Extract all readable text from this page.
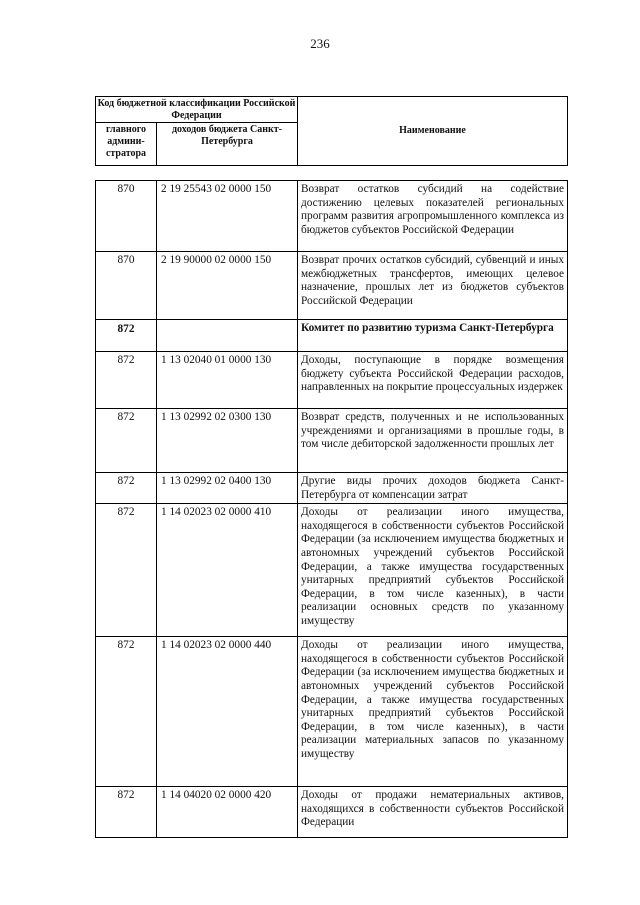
236
Код бюджетной классификации Российской Федерации		Наименование
главного админи-стратора	доходов бюджета Санкт-Петербурга	
870	2 19 25543 02 0000 150	Возврат остатков субсидий на содействие достижению целевых показателей региональных программ развития агропромышленного комплекса из бюджетов субъектов Российской Федерации
870	2 19 90000 02 0000 150	Возврат прочих остатков субсидий, субвенций и иных межбюджетных трансфертов, имеющих целевое назначение, прошлых лет из бюджетов субъектов Российской Федерации
872		Комитет по развитию туризма Санкт-Петербурга
872	1 13 02040 01 0000 130	Доходы, поступающие в порядке возмещения бюджету субъекта Российской Федерации расходов, направленных на покрытие процессуальных издержек
872	1 13 02992 02 0300 130	Возврат средств, полученных и не использованных учреждениями и организациями в прошлые годы, в том числе дебиторской задолженности прошлых лет
872	1 13 02992 02 0400 130	Другие виды прочих доходов бюджета Санкт-Петербурга от компенсации затрат
872	1 14 02023 02 0000 410	Доходы от реализации иного имущества, находящегося в собственности субъектов Российской Федерации (за исключением имущества бюджетных и автономных учреждений субъектов Российской Федерации, а также имущества государственных унитарных предприятий субъектов Российской Федерации, в том числе казенных), в части реализации основных средств по указанному имуществу
872	1 14 02023 02 0000 440	Доходы от реализации иного имущества, находящегося в собственности субъектов Российской Федерации (за исключением имущества бюджетных и автономных учреждений субъектов Российской Федерации, а также имущества государственных унитарных предприятий субъектов Российской Федерации, в том числе казенных), в части реализации материальных запасов по указанному имуществу
872	1 14 04020 02 0000 420	Доходы от продажи нематериальных активов, находящихся в собственности субъектов Российской Федерации
